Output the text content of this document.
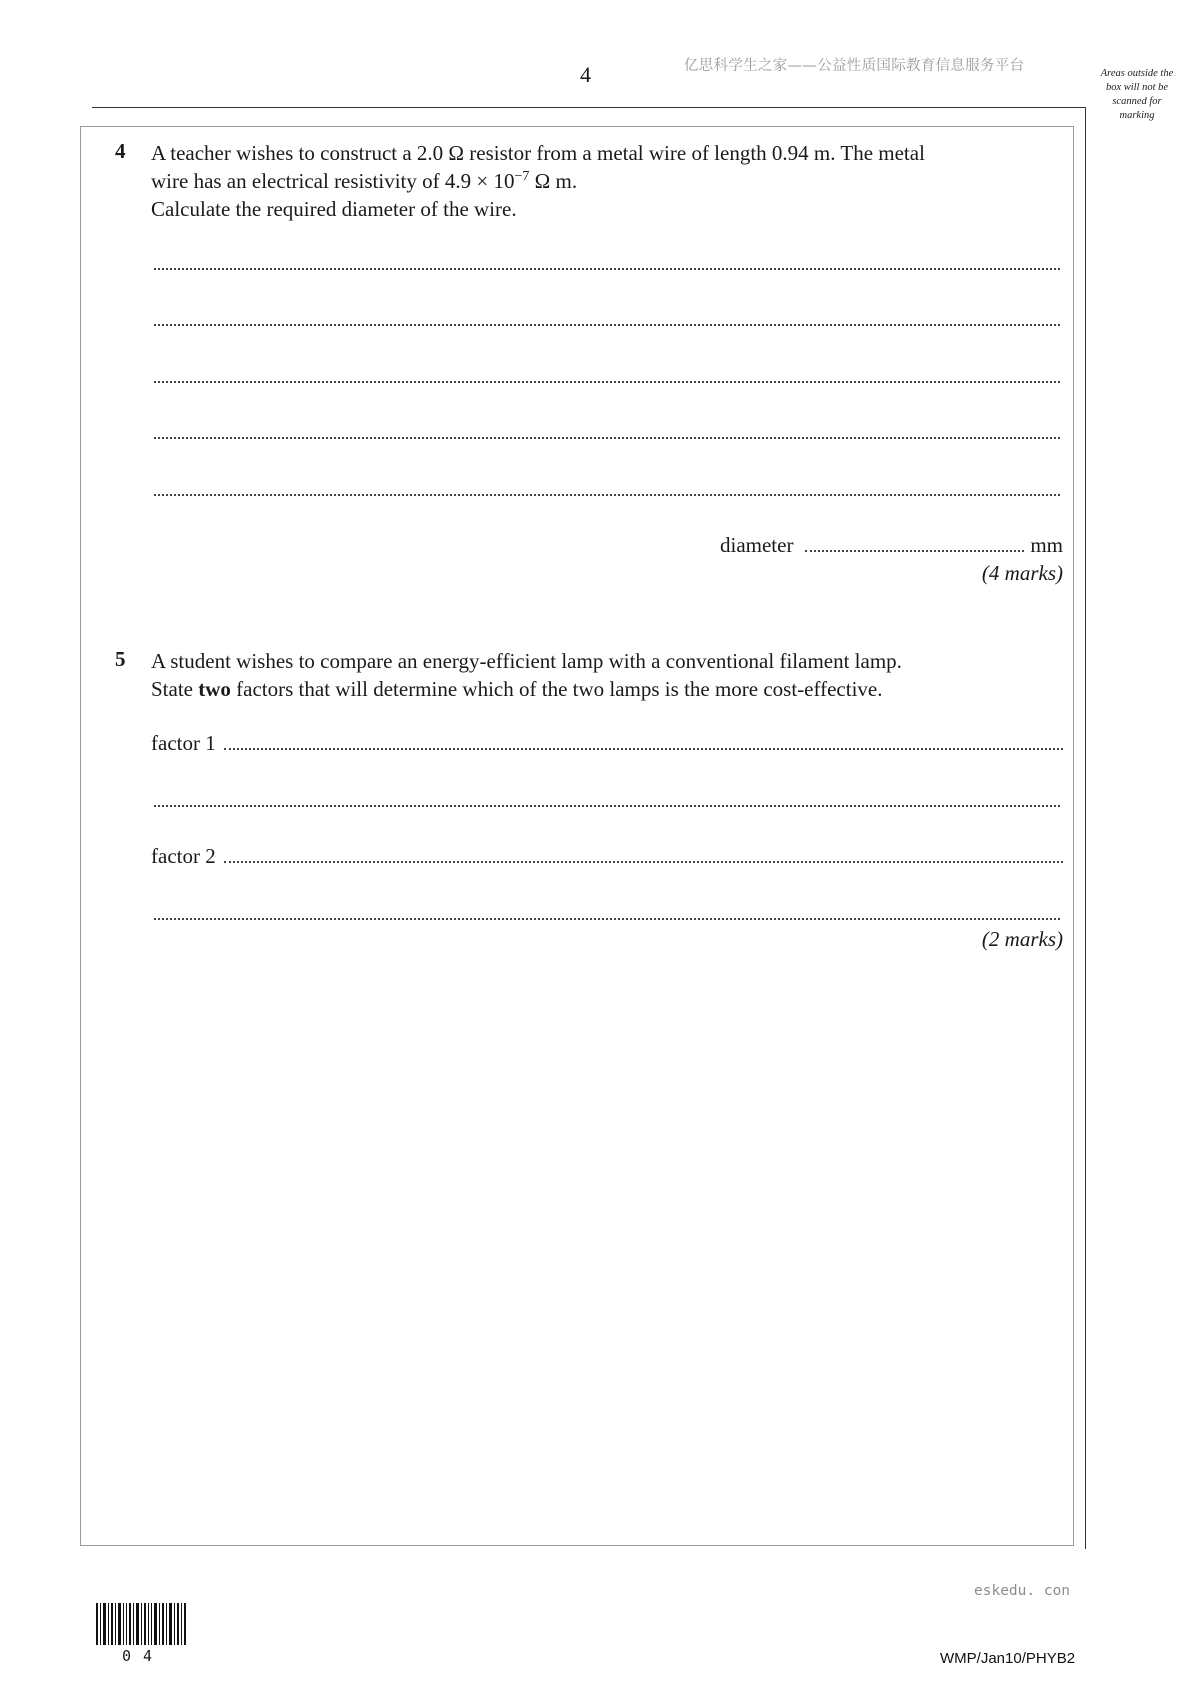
4	亿思科学生之家——公益性质国际教育信息服务平台	Areas outside the box will not be scanned for marking
4 A teacher wishes to construct a 2.0 Ω resistor from a metal wire of length 0.94 m. The metal

wire has an electrical resistivity of $4.9 \times 10^{-7}$ Ω m.

Calculate the required diameter of the wire.

diameter	mm
(4 marks)
5 A student wishes to compare an energy-efficient lamp with a conventional filament lamp.

State two factors that will determine which of the two lamps is the more cost-effective.

factor 1
factor 2
(2 marks)
eskedu. con
04	WMP/Jan10/PHYB2
